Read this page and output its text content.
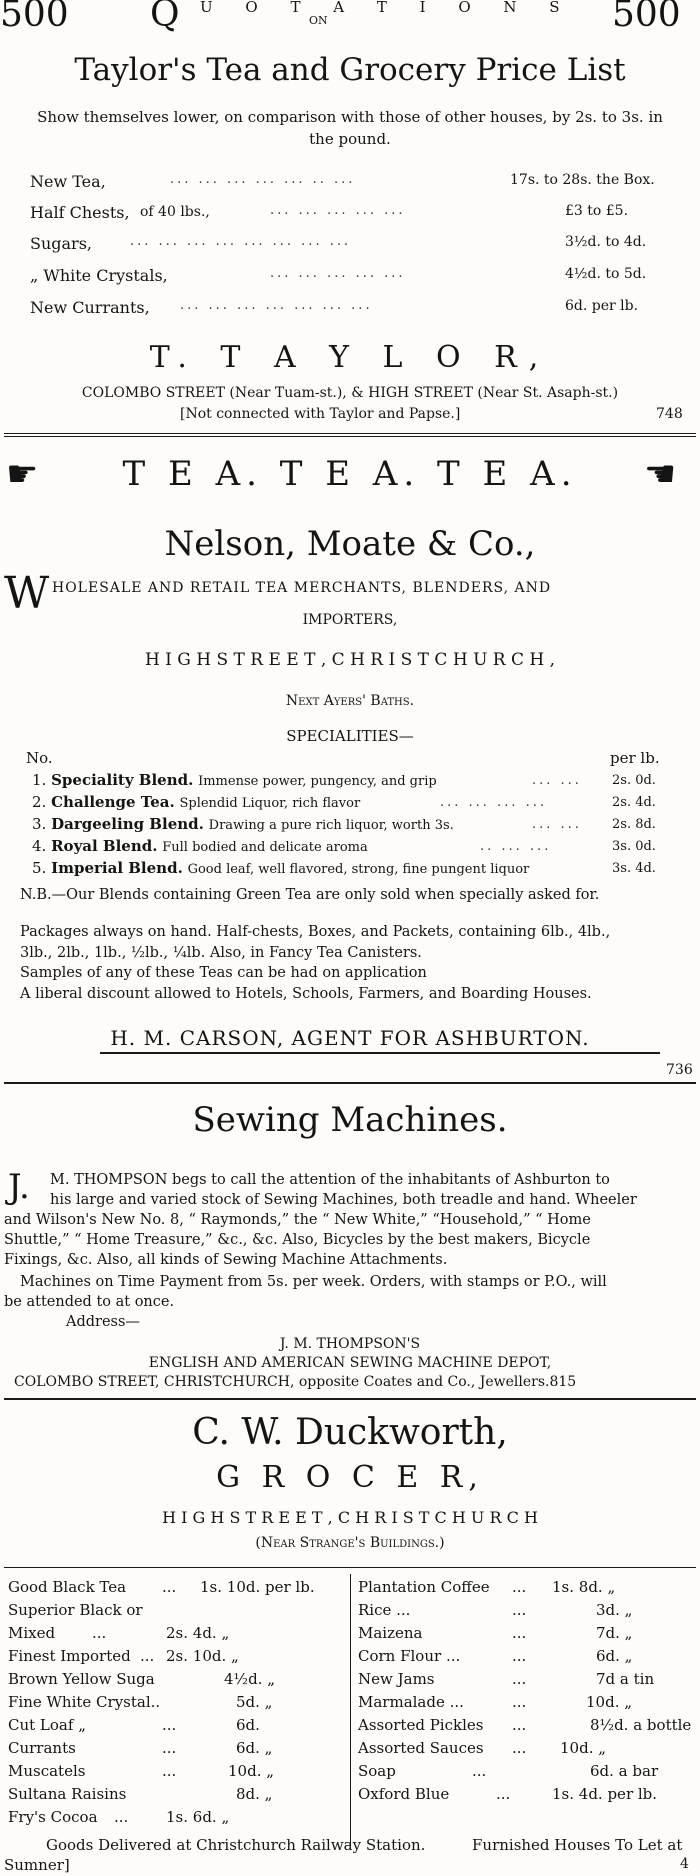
500 Q U O T A T I O N S
ON	500
Taylor's Tea and Grocery Price List
Show themselves lower, on comparison with those of other houses, by 2s. to 3s. in
the pound.
New Tea,	... ... ... ... ... .. ...	17s. to 28s. the Box.
Half Chests, of 40 lbs.,	... ... ... ... ...	£3 to £5.
Sugars,	... ... ... ... ... ... ... ...	3½d. to 4d.
„ White Crystals,	... ... ... ... ...	4½d. to 5d.
New Currants, ... ... ... ... ... ... ...	6d. per lb.
T. T A Y L O R,
COLOMBO STREET (Near Tuam-st.), & HIGH STREET (Near St. Asaph-st.)
[Not connected with Taylor and Papse.]	748
☛	T E A. T E A. T E A.	☚
Nelson, Moate & Co.,
W HOLESALE AND RETAIL TEA MERCHANTS, BLENDERS, AND
IMPORTERS,
H I G H S T R E E T , C H R I S T C H U R C H ,
Next Ayers' Baths.
SPECIALITIES—
No.	per lb.
1. Speciality Blend. Immense power, pungency, and grip	... ... 2s. 0d.
2. Challenge Tea. Splendid Liquor, rich flavor	... ... ... ...	2s. 4d.
3. Dargeeling Blend. Drawing a pure rich liquor, worth 3s.	... ... 2s. 8d.
4. Royal Blend. Full bodied and delicate aroma	.. ... ...	3s. 0d.
5. Imperial Blend. Good leaf, well flavored, strong, fine pungent liquor	3s. 4d.
N.B.—Our Blends containing Green Tea are only sold when specially asked for.
Packages always on hand. Half-chests, Boxes, and Packets, containing 6lb., 4lb.,
3lb., 2lb., 1lb., ½lb., ¼lb. Also, in Fancy Tea Canisters.
Samples of any of these Teas can be had on application
A liberal discount allowed to Hotels, Schools, Farmers, and Boarding Houses.
H. M. CARSON, AGENT FOR ASHBURTON.
736
Sewing Machines.
J. M. THOMPSON begs to call the attention of the inhabitants of Ashburton to
his large and varied stock of Sewing Machines, both treadle and hand. Wheeler
and Wilson's New No. 8, “ Raymonds,” the “ New White,” “Household,” “ Home
Shuttle,” “ Home Treasure,” &c., &c. Also, Bicycles by the best makers, Bicycle
Fixings, &c. Also, all kinds of Sewing Machine Attachments.
Machines on Time Payment from 5s. per week. Orders, with stamps or P.O., will
be attended to at once.
Address—
J. M. THOMPSON'S
ENGLISH AND AMERICAN SEWING MACHINE DEPOT,
COLOMBO STREET, CHRISTCHURCH, opposite Coates and Co., Jewellers.815
C. W. Duckworth,
G R O C E R,
H I G H S T R E E T , C H R I S T C H U R C H
(Near Strange's Buildings.)
Good Black Tea ... 1s. 10d. per lb.
Superior Black or
Mixed ...	2s. 4d. „
Finest Imported ... 2s. 10d. „
Brown Yellow Suga	4½d. „
Fine White Crystal..	5d. „
Cut Loaf „	...	6d.
Currants	...	6d. „
Muscatels	...	10d. „
Sultana Raisins	8d. „
Fry's Cocoa ...	1s. 6d. „
Plantation Coffee ... 1s. 8d. „
Rice ...	...	3d. „
Maizena	...	7d. „
Corn Flour ...	...	6d. „
New Jams	...	7d a tin
Marmalade ...	...	10d. „
Assorted Pickles ...	8½d. a bottle
Assorted Sauces ... 10d. „
Soap	...	6d. a bar
Oxford Blue	...	1s. 4d. per lb.
Goods Delivered at Christchurch Railway Station.	Furnished Houses To Let at
Sumner]	4
